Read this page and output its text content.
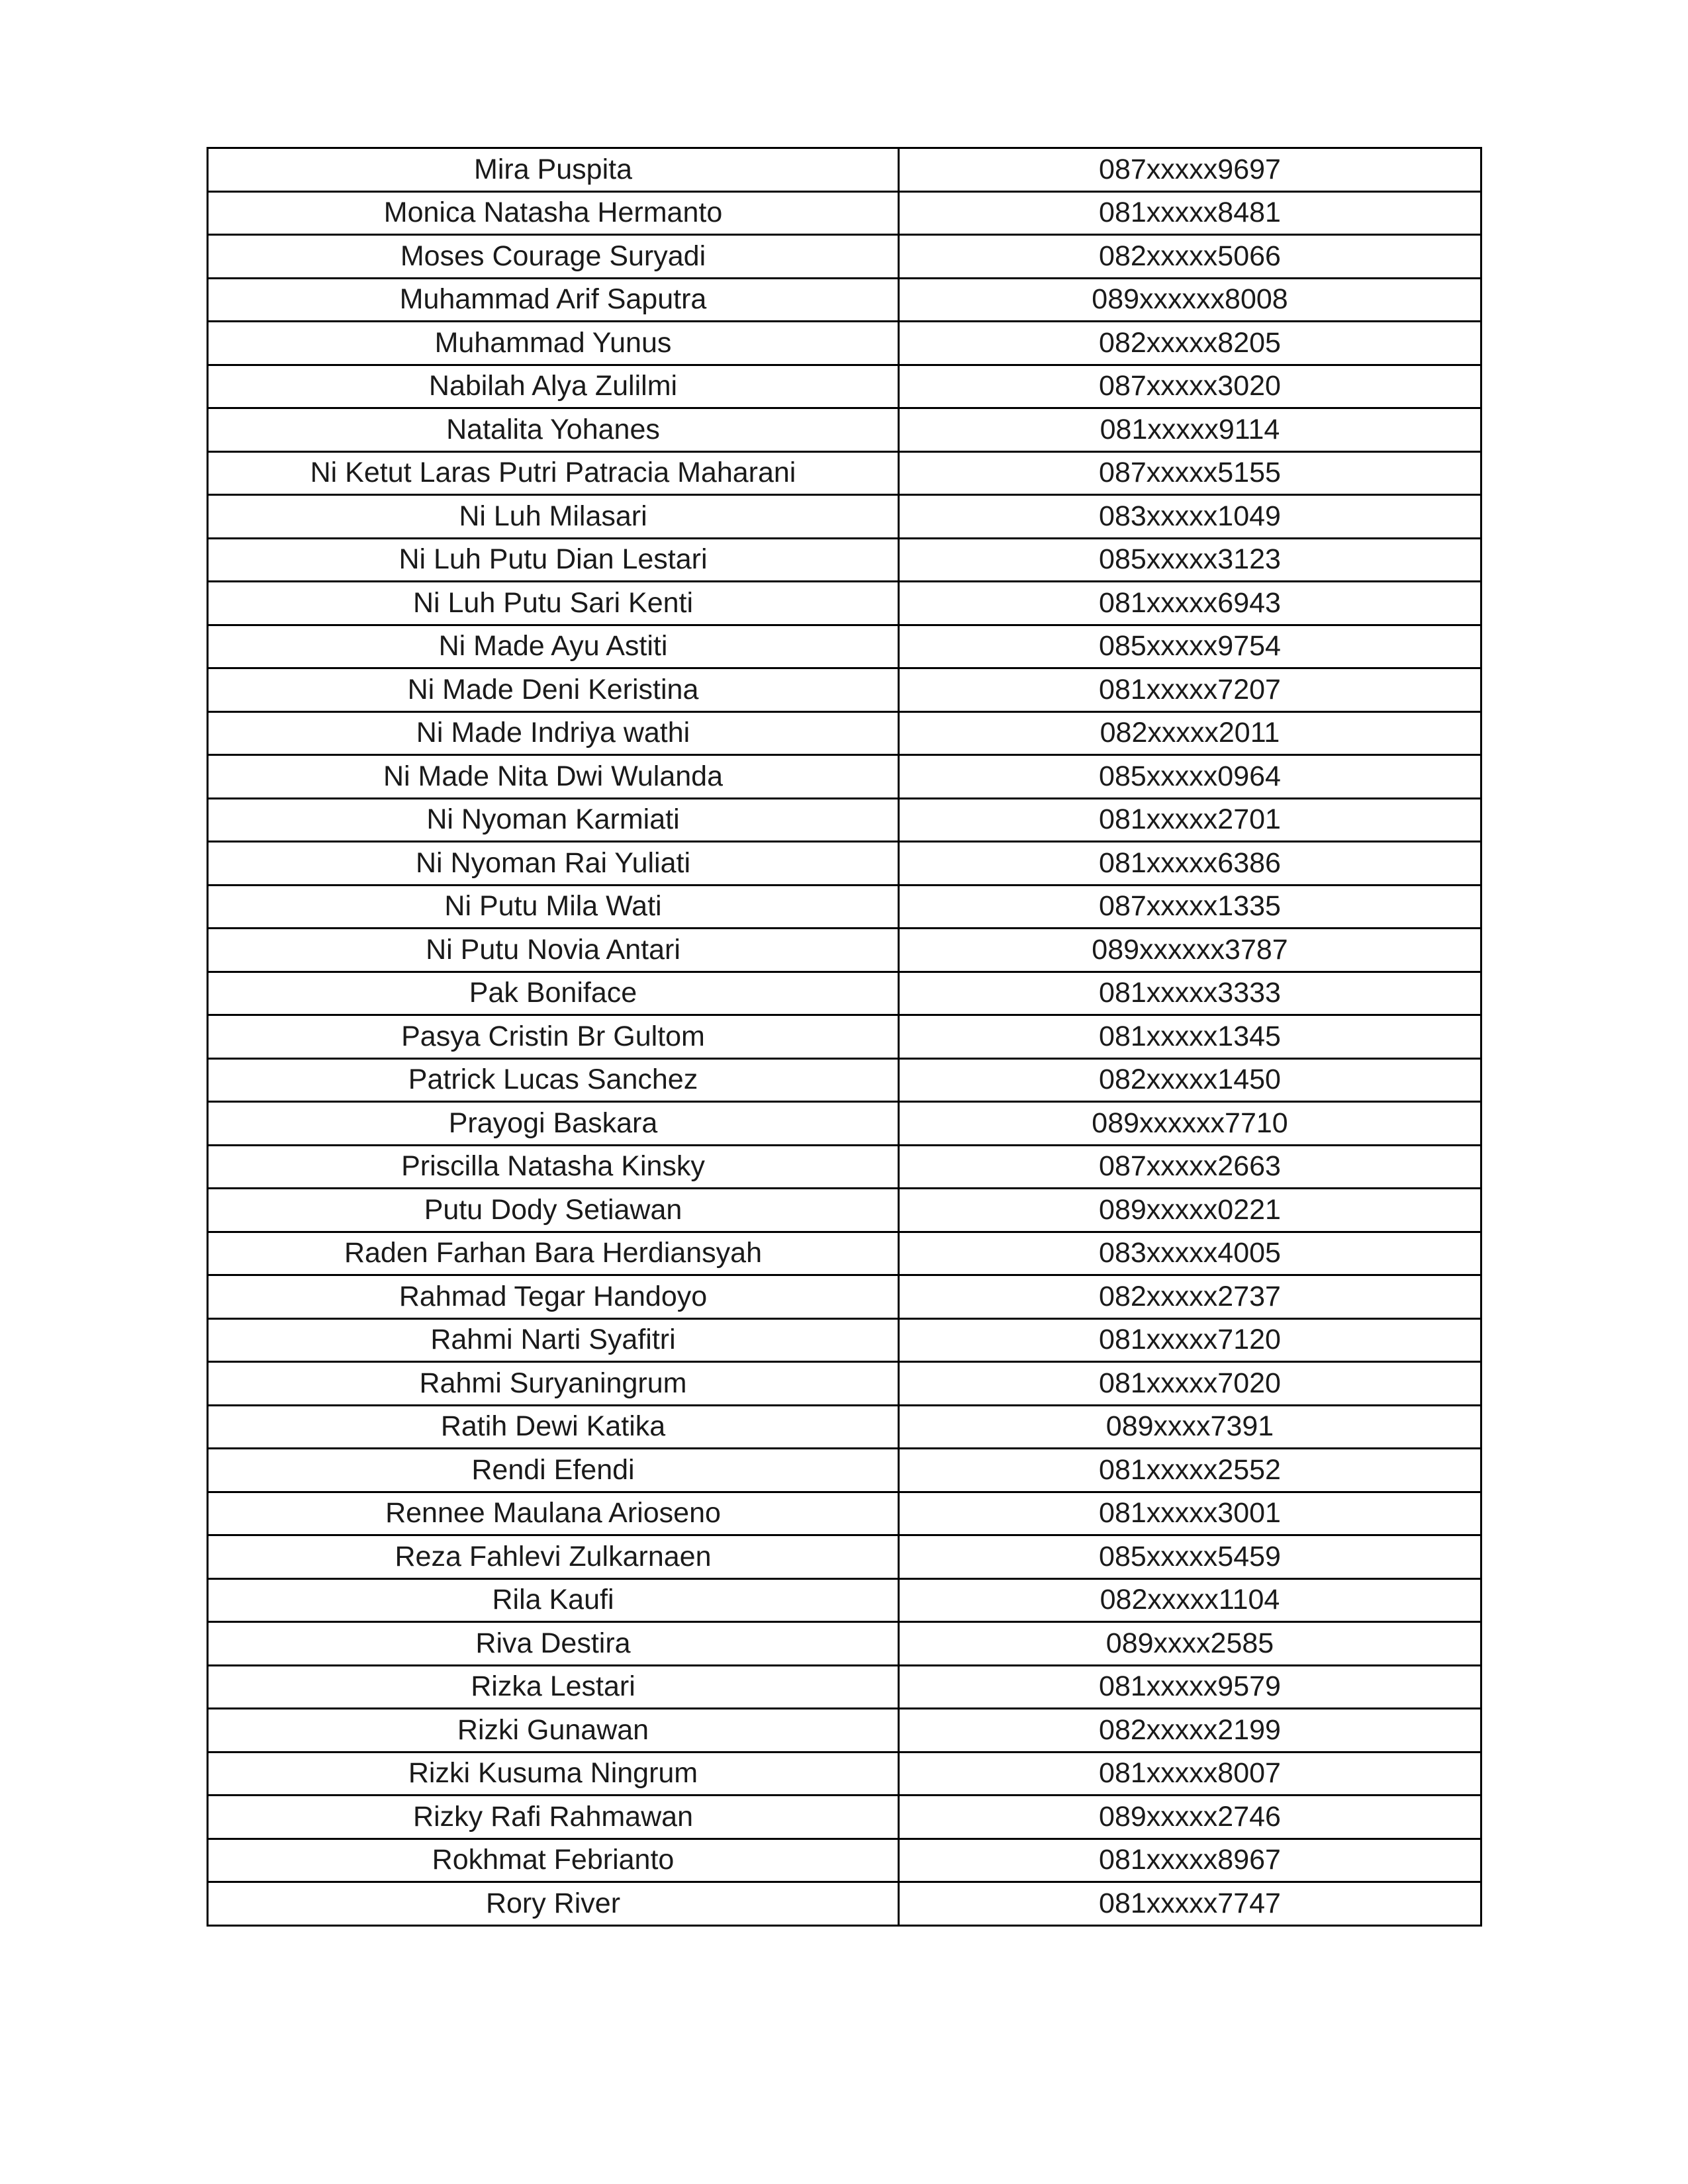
Mira Puspita	087xxxxx9697
Monica Natasha Hermanto	081xxxxx8481
Moses Courage Suryadi	082xxxxx5066
Muhammad Arif Saputra	089xxxxxx8008
Muhammad Yunus	082xxxxx8205
Nabilah Alya Zulilmi	087xxxxx3020
Natalita Yohanes	081xxxxx9114
Ni Ketut Laras Putri Patracia Maharani	087xxxxx5155
Ni Luh Milasari	083xxxxx1049
Ni Luh Putu Dian Lestari	085xxxxx3123
Ni Luh Putu Sari Kenti	081xxxxx6943
Ni Made Ayu Astiti	085xxxxx9754
Ni Made Deni Keristina	081xxxxx7207
Ni Made Indriya wathi	082xxxxx2011
Ni Made Nita Dwi Wulanda	085xxxxx0964
Ni Nyoman Karmiati	081xxxxx2701
Ni Nyoman Rai Yuliati	081xxxxx6386
Ni Putu Mila Wati	087xxxxx1335
Ni Putu Novia Antari	089xxxxxx3787
Pak Boniface	081xxxxx3333
Pasya Cristin Br Gultom	081xxxxx1345
Patrick Lucas Sanchez	082xxxxx1450
Prayogi Baskara	089xxxxxx7710
Priscilla Natasha Kinsky	087xxxxx2663
Putu Dody Setiawan	089xxxxx0221
Raden Farhan Bara Herdiansyah	083xxxxx4005
Rahmad Tegar Handoyo	082xxxxx2737
Rahmi Narti Syafitri	081xxxxx7120
Rahmi Suryaningrum	081xxxxx7020
Ratih Dewi Katika	089xxxx7391
Rendi Efendi	081xxxxx2552
Rennee Maulana Arioseno	081xxxxx3001
Reza Fahlevi Zulkarnaen	085xxxxx5459
Rila Kaufi	082xxxxx1104
Riva Destira	089xxxx2585
Rizka Lestari	081xxxxx9579
Rizki Gunawan	082xxxxx2199
Rizki Kusuma Ningrum	081xxxxx8007
Rizky Rafi Rahmawan	089xxxxx2746
Rokhmat Febrianto	081xxxxx8967
Rory River	081xxxxx7747
